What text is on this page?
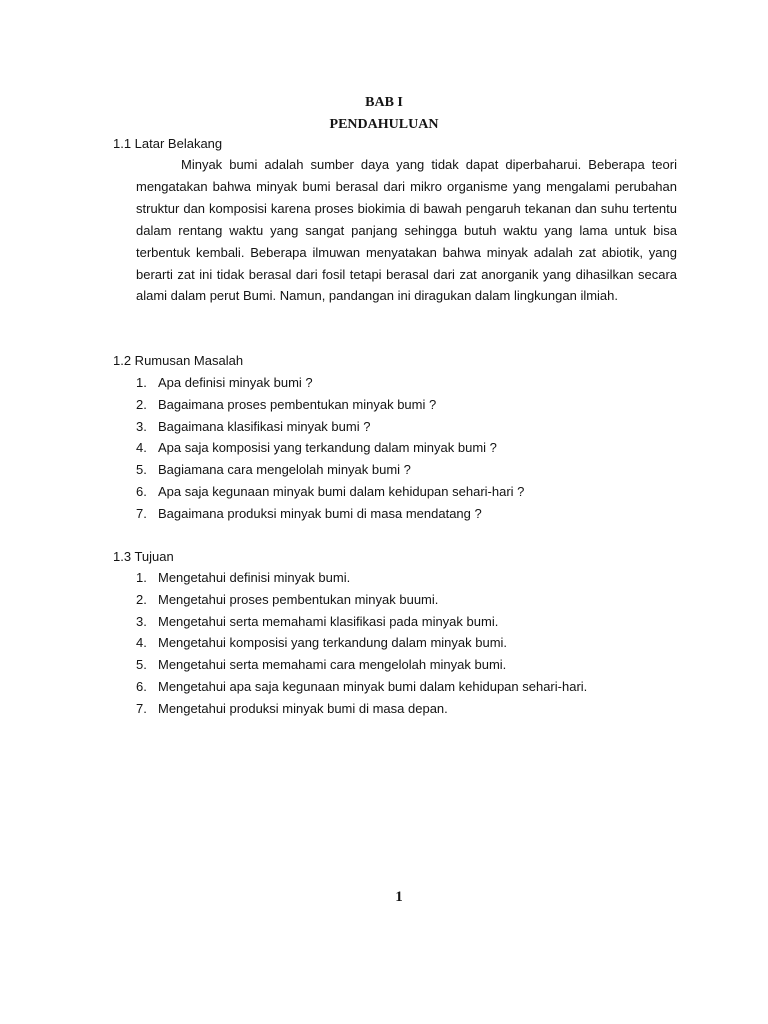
BAB I
PENDAHULUAN
1.1 Latar Belakang

Minyak bumi adalah sumber daya yang tidak dapat diperbaharui. Beberapa teori mengatakan bahwa minyak bumi berasal dari mikro organisme yang mengalami perubahan struktur dan komposisi karena proses biokimia di bawah pengaruh tekanan dan suhu tertentu dalam rentang waktu yang sangat panjang sehingga butuh waktu yang lama untuk bisa terbentuk kembali. Beberapa ilmuwan menyatakan bahwa minyak adalah zat abiotik, yang berarti zat ini tidak berasal dari fosil tetapi berasal dari zat anorganik yang dihasilkan secara alami dalam perut Bumi. Namun, pandangan ini diragukan dalam lingkungan ilmiah.

1.2 Rumusan Masalah
1. Apa definisi minyak bumi ?
2. Bagaimana proses pembentukan minyak bumi ?
3. Bagaimana klasifikasi minyak bumi ?
4. Apa saja komposisi yang terkandung dalam minyak bumi ?
5. Bagiamana cara mengelolah minyak bumi ?
6. Apa saja kegunaan minyak bumi dalam kehidupan sehari-hari ?
7. Bagaimana produksi minyak bumi di masa mendatang ?
1.3 Tujuan
1. Mengetahui definisi minyak bumi.
2. Mengetahui proses pembentukan minyak buumi.
3. Mengetahui serta memahami klasifikasi pada minyak bumi.
4. Mengetahui komposisi yang terkandung dalam minyak bumi.
5. Mengetahui serta memahami cara mengelolah minyak bumi.
6. Mengetahui apa saja kegunaan minyak bumi dalam kehidupan sehari-hari.
7. Mengetahui produksi minyak bumi di masa depan.
1
